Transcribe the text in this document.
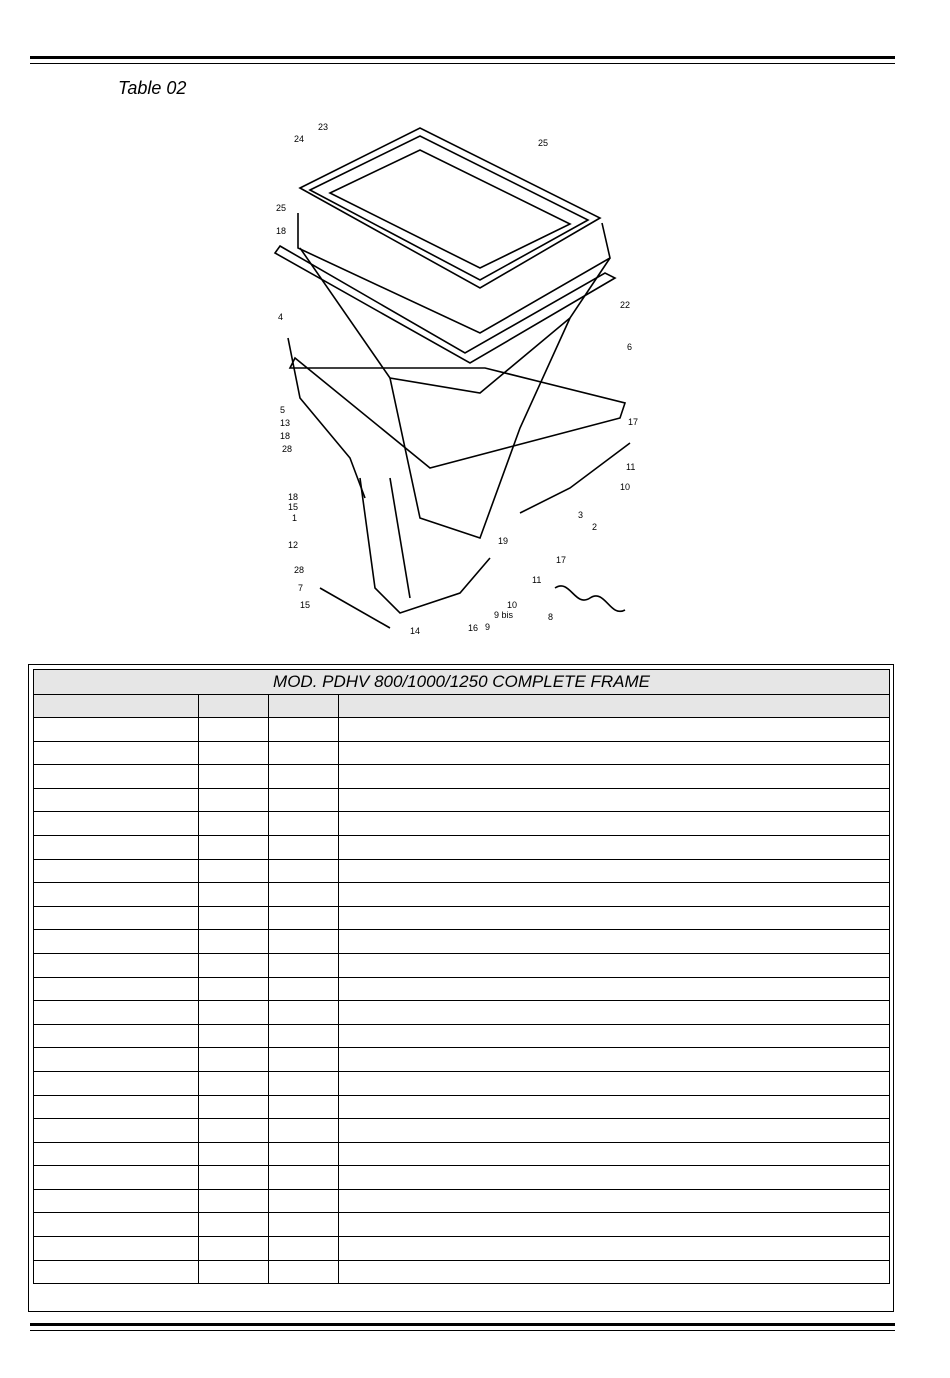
Table 02
23
24	25
25
18
22
4
6
5
13
18
28
17
11
10
18
15
1
2
3
19
12
17
11
28
7
15	10
9 bis
9
8
14	16
MOD. PDHV 800/1000/1250 COMPLETE FRAME			
